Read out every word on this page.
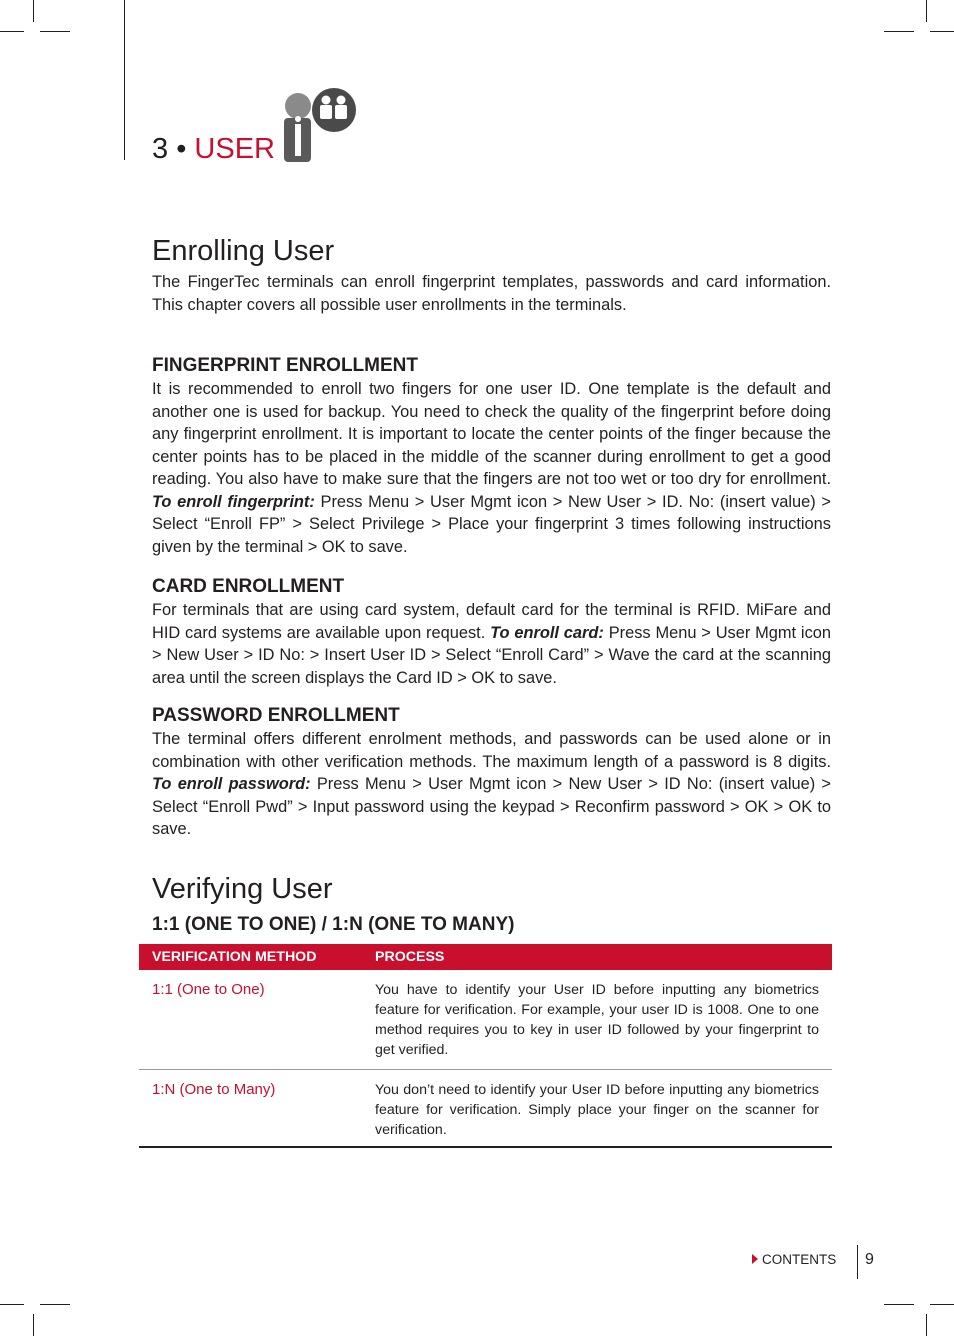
3 • USER
Enrolling User

The FingerTec terminals can enroll fingerprint templates, passwords and card information. This chapter covers all possible user enrollments in the terminals.

FINGERPRINT ENROLLMENT

It is recommended to enroll two fingers for one user ID. One template is the default and another one is used for backup. You need to check the quality of the fingerprint before doing any fingerprint enrollment. It is important to locate the center points of the finger because the center points has to be placed in the middle of the scanner during enrollment to get a good reading. You also have to make sure that the fingers are not too wet or too dry for enrollment. To enroll fingerprint: Press Menu > User Mgmt icon > New User > ID. No: (insert value) > Select “Enroll FP” > Select Privilege > Place your fingerprint 3 times following instructions given by the terminal > OK to save.

CARD ENROLLMENT

For terminals that are using card system, default card for the terminal is RFID. MiFare and HID card systems are available upon request. To enroll card: Press Menu > User Mgmt icon > New User > ID No: > Insert User ID > Select “Enroll Card” > Wave the card at the scanning area until the screen displays the Card ID > OK to save.

PASSWORD ENROLLMENT

The terminal offers different enrolment methods, and passwords can be used alone or in combination with other verification methods. The maximum length of a password is 8 digits. To enroll password: Press Menu > User Mgmt icon > New User > ID No: (insert value) > Select “Enroll Pwd” > Input password using the keypad > Reconfirm password > OK > OK to save.

Verifying User
1:1 (ONE TO ONE) / 1:N (ONE TO MANY)
VERIFICATION METHOD	PROCESS
1:1 (One to One)	You have to identify your User ID before inputting any biometrics feature for verification. For example, your user ID is 1008. One to one method requires you to key in user ID followed by your fingerprint to get verified.
1:N (One to Many)	You don’t need to identify your User ID before inputting any biometrics feature for verification. Simply place your finger on the scanner for verification.
CONTENTS 9
